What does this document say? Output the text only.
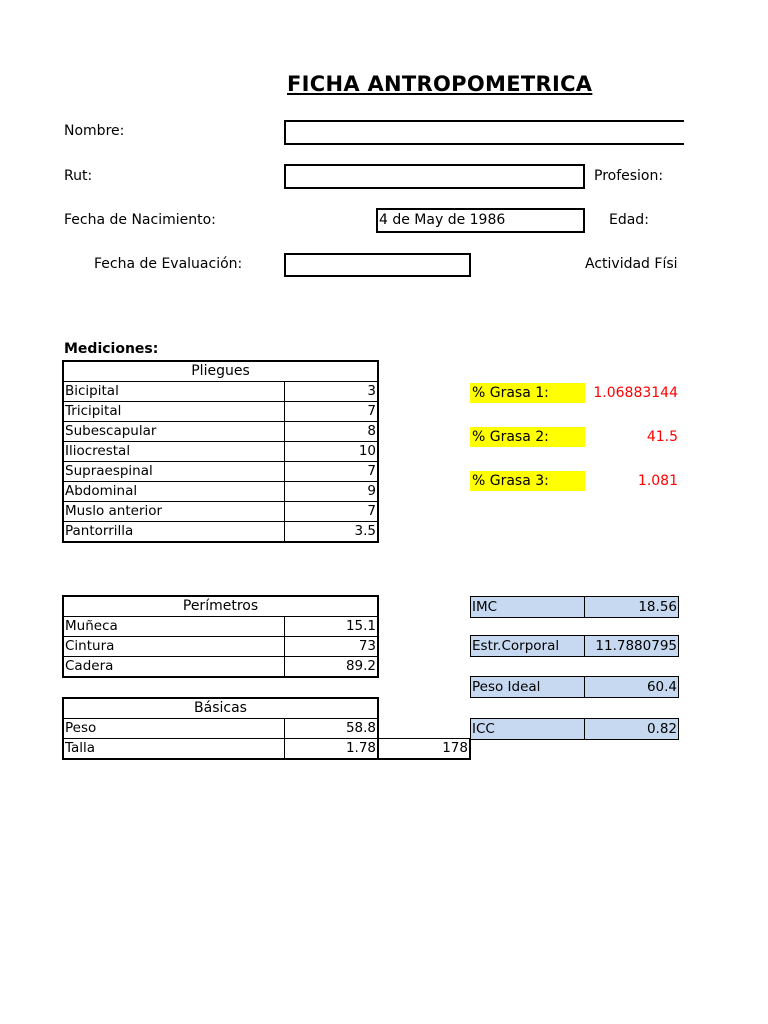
FICHA ANTROPOMETRICA
Nombre:
Rut:	Profesion:
Fecha de Nacimiento:	4 de May de 1986	Edad:
Fecha de Evaluación:	Actividad Físi
Mediciones:
Pliegues	
Bicipital	3
Tricipital	7
Subescapular	8
Iliocrestal	10
Supraespinal	7
Abdominal	9
Muslo anterior	7
Pantorrilla	3.5
% Grasa 1:	1.06883144
% Grasa 2:	41.5
% Grasa 3:	1.081
Perímetros	
Muñeca	15.1
Cintura	73
Cadera	89.2
Básicas	
Peso	58.8
Talla	1.78	178
IMC	18.56
Estr.Corporal	11.7880795
Peso Ideal	60.4
ICC	0.82
